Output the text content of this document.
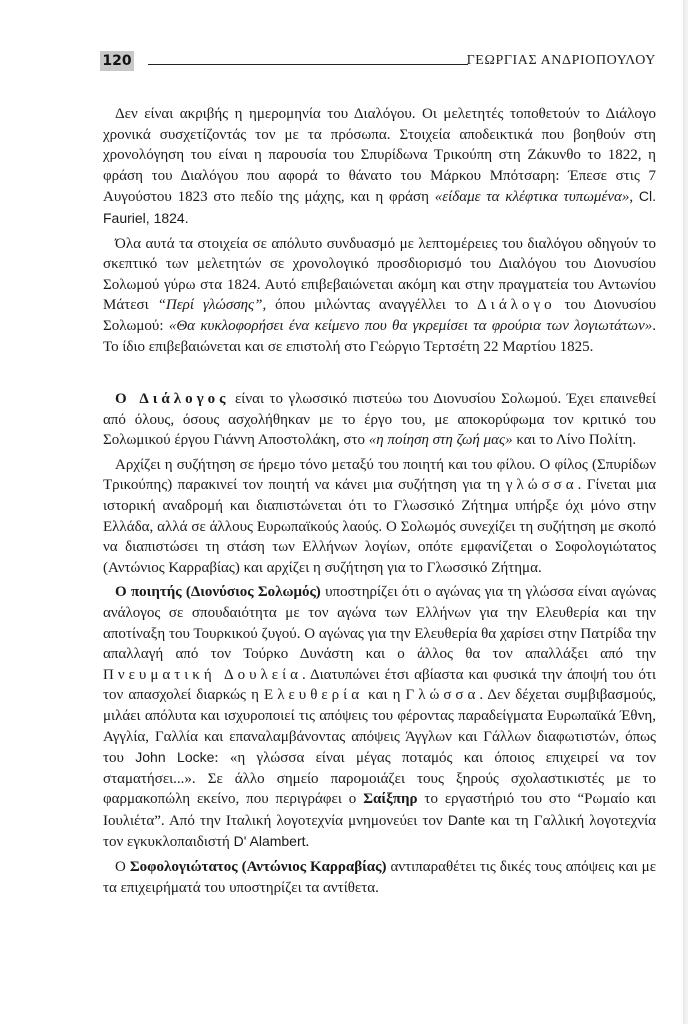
120	ΓΕΩΡΓΙΑΣ ΑΝΔΡΙΟΠΟΥΛΟΥ

Δεν είναι ακριβής η ημερομηνία του Διαλόγου. Οι μελετητές τοποθετούν το Διάλογο χρονικά συσχετίζοντάς τον με τα πρόσωπα. Στοιχεία αποδεικτικά που βοηθούν στη χρονολόγηση του είναι η παρουσία του Σπυρίδωνα Τρικούπη στη Ζάκυνθο το 1822, η φράση του Διαλόγου που αφορά το θάνατο του Μάρκου Μπότσαρη: Έπεσε στις 7 Αυγούστου 1823 στο πεδίο της μάχης, και η φράση «είδαμε τα κλέφτικα τυπωμένα», Cl. Fauriel, 1824.

Όλα αυτά τα στοιχεία σε απόλυτο συνδυασμό με λεπτομέρειες του διαλόγου οδηγούν το σκεπτικό των μελετητών σε χρονολογικό προσδιορισμό του Διαλόγου του Διονυσίου Σολωμού γύρω στα 1824. Αυτό επιβεβαιώνεται ακόμη και στην πραγματεία του Αντωνίου Μάτεσι “Περί γλώσσης”, όπου μιλώντας αναγγέλλει το Διάλογο του Διονυσίου Σολωμού: «Θα κυκλοφορήσει ένα κείμενο που θα γκρεμίσει τα φρούρια των λογιωτάτων». Το ίδιο επιβεβαιώνεται και σε επιστολή στο Γεώργιο Τερτσέτη 22 Μαρτίου 1825.

Ο Διάλογος είναι το γλωσσικό πιστεύω του Διονυσίου Σολωμού. Έχει επαινεθεί από όλους, όσους ασχολήθηκαν με το έργο του, με αποκορύφωμα τον κριτικό του Σολωμικού έργου Γιάννη Αποστολάκη, στο «η ποίηση στη ζωή μας» και το Λίνο Πολίτη.

Αρχίζει η συζήτηση σε ήρεμο τόνο μεταξύ του ποιητή και του φίλου. Ο φίλος (Σπυρίδων Τρικούπης) παρακινεί τον ποιητή να κάνει μια συζήτηση για τη γλώσσα. Γίνεται μια ιστορική αναδρομή και διαπιστώνεται ότι το Γλωσσικό Ζήτημα υπήρξε όχι μόνο στην Ελλάδα, αλλά σε άλλους Ευρωπαϊκούς λαούς. Ο Σολωμός συνεχίζει τη συζήτηση με σκοπό να διαπιστώσει τη στάση των Ελλήνων λογίων, οπότε εμφανίζεται ο Σοφολογιώτατος (Αντώνιος Καρραβίας) και αρχίζει η συζήτηση για το Γλωσσικό Ζήτημα.

Ο ποιητής (Διονύσιος Σολωμός) υποστηρίζει ότι ο αγώνας για τη γλώσσα είναι αγώνας ανάλογος σε σπουδαιότητα με τον αγώνα των Ελλήνων για την Ελευθερία και την αποτίναξη του Τουρκικού ζυγού. Ο αγώνας για την Ελευθερία θα χαρίσει στην Πατρίδα την απαλλαγή από τον Τούρκο Δυνάστη και ο άλλος θα τον απαλλάξει από την Πνευματική Δουλεία. Διατυπώνει έτσι αβίαστα και φυσικά την άποψή του ότι τον απασχολεί διαρκώς η Ελευθερία και η Γλώσσα. Δεν δέχεται συμβιβασμούς, μιλάει απόλυτα και ισχυροποιεί τις απόψεις του φέροντας παραδείγματα Ευρωπαϊκά Έθνη, Αγγλία, Γαλλία και επαναλαμβάνοντας απόψεις Άγγλων και Γάλλων διαφωτιστών, όπως του John Locke: «η γλώσσα είναι μέγας ποταμός και όποιος επιχειρεί να τον σταματήσει...». Σε άλλο σημείο παρομοιάζει τους ξηρούς σχολαστικιστές με το φαρμακοπώλη εκείνο, που περιγράφει ο Σαίξπηρ το εργαστήριό του στο “Ρωμαίο και Ιουλιέτα”. Από την Ιταλική λογοτεχνία μνημονεύει τον Dante και τη Γαλλική λογοτεχνία τον εγκυκλοπαιδιστή D' Alambert.

Ο Σοφολογιώτατος (Αντώνιος Καρραβίας) αντιπαραθέτει τις δικές τους απόψεις και με τα επιχειρήματά του υποστηρίζει τα αντίθετα.
